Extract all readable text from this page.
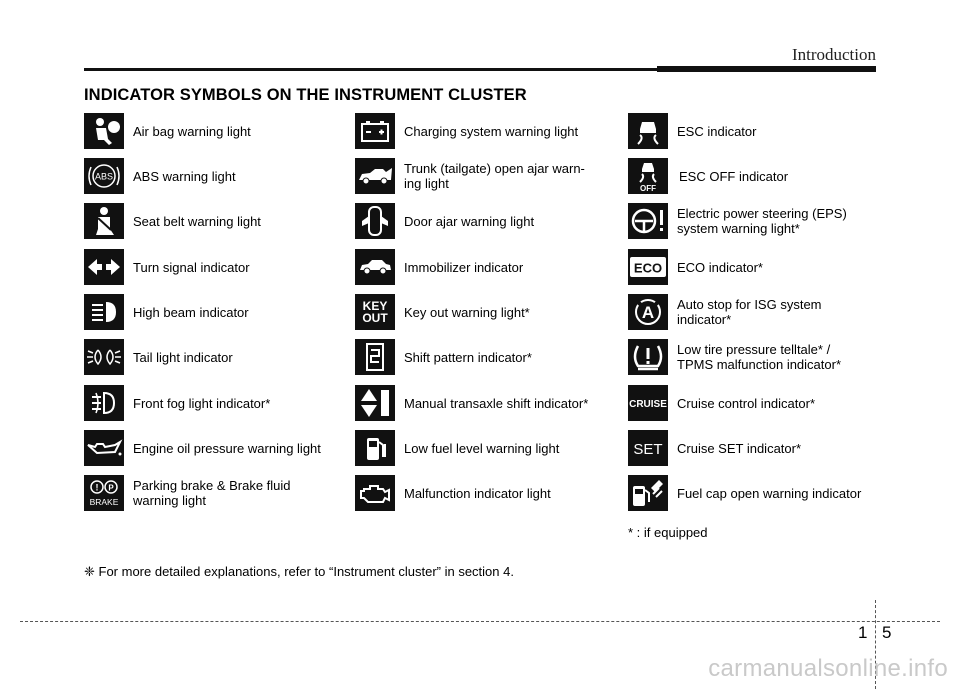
Introduction
INDICATOR SYMBOLS ON THE INSTRUMENT CLUSTER
Air bag warning light
ABS ABS warning light
Seat belt warning light
Turn signal indicator
High beam indicator
Tail light indicator
Front fog light indicator*
Engine oil pressure warning light
! P
BRAKE
Parking brake & Brake fluid
warning light
Charging system warning light
Trunk (tailgate) open ajar warn-
ing light
Door ajar warning light
Immobilizer indicator
KEY
OUT Key out warning light*
Shift pattern indicator*
Manual transaxle shift indicator*
Low fuel level warning light
Malfunction indicator light
ESC indicator
OFF
ESC OFF indicator
Electric power steering (EPS)
system warning light*
ECO ECO indicator*
A Auto stop for ISG system
indicator*
Low tire pressure telltale* /
TPMS malfunction indicator*
CRUISE Cruise control indicator*
SET Cruise SET indicator*
Fuel cap open warning indicator
* : if equipped
❈ For more detailed explanations, refer to “Instrument cluster” in section 4.
1 5
carmanualsonline.info
